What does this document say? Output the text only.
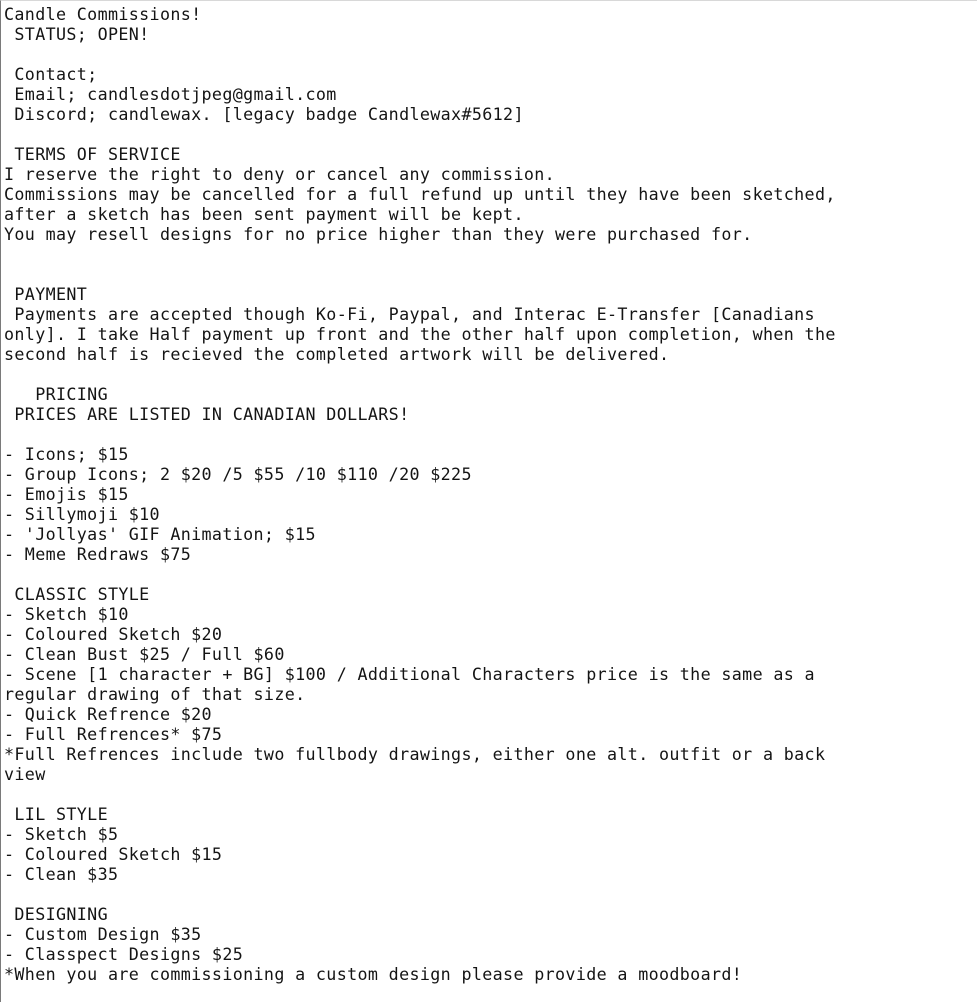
Candle Commissions!
STATUS; OPEN!
Contact;
Email; candlesdotjpeg@gmail.com
Discord; candlewax. [legacy badge Candlewax#5612]
TERMS OF SERVICE
I reserve the right to deny or cancel any commission.
Commissions may be cancelled for a full refund up until they have been sketched,
after a sketch has been sent payment will be kept.
You may resell designs for no price higher than they were purchased for.
PAYMENT
Payments are accepted though Ko-Fi, Paypal, and Interac E-Transfer [Canadians
only]. I take Half payment up front and the other half upon completion, when the
second half is recieved the completed artwork will be delivered.
PRICING
PRICES ARE LISTED IN CANADIAN DOLLARS!
- Icons; $15
- Group Icons; 2 $20 /5 $55 /10 $110 /20 $225
- Emojis $15
- Sillymoji $10
- 'Jollyas' GIF Animation; $15
- Meme Redraws $75
CLASSIC STYLE
- Sketch $10
- Coloured Sketch $20
- Clean Bust $25 / Full $60
- Scene [1 character + BG] $100 / Additional Characters price is the same as a
regular drawing of that size.
- Quick Refrence $20
- Full Refrences* $75
*Full Refrences include two fullbody drawings, either one alt. outfit or a back
view
LIL STYLE
- Sketch $5
- Coloured Sketch $15
- Clean $35
DESIGNING
- Custom Design $35
- Classpect Designs $25
*When you are commissioning a custom design please provide a moodboard!
